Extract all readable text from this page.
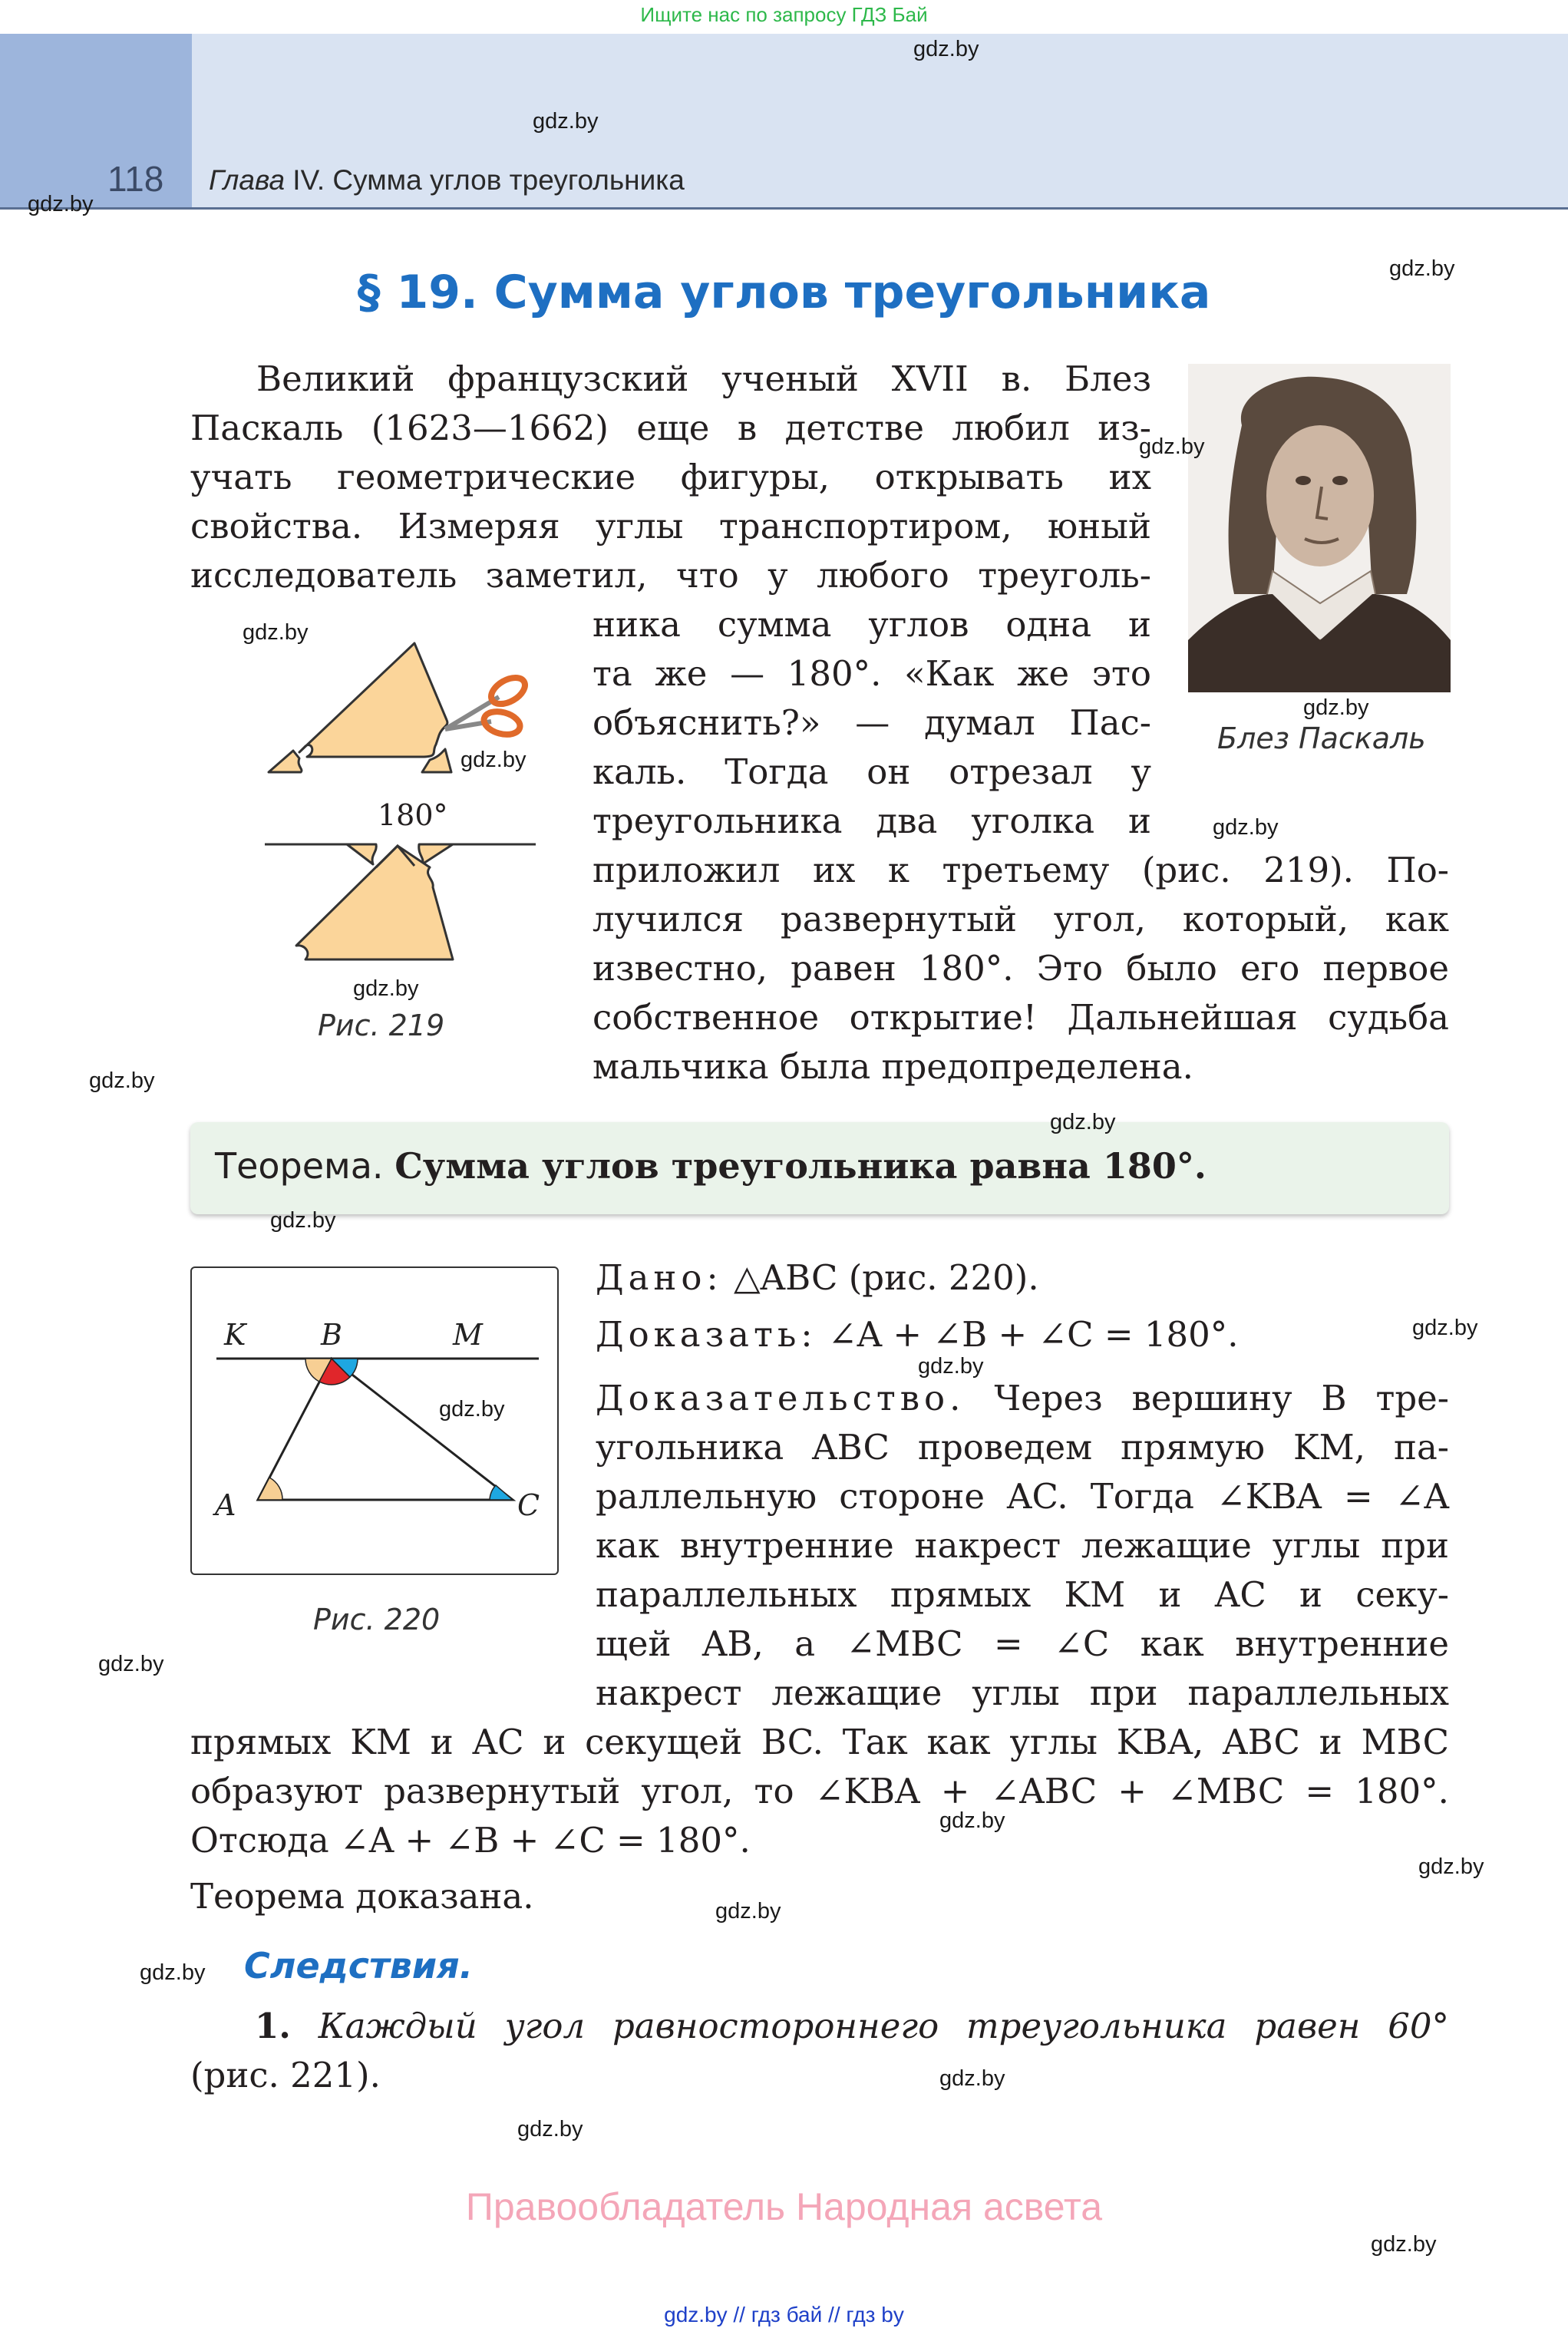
Ищите нас по запросу ГДЗ Бай
118 Глава IV. Сумма углов треугольника
§ 19. Сумма углов треугольника
Великий французский ученый XVII в. Блез
Паскаль (1623—1662) еще в детстве любил из-
учать геометрические фигуры, открывать их
свойства. Измеряя углы транспортиром, юный
исследователь заметил, что у любого треуголь-
ника сумма углов одна и
та же — 180°. «Как же это
объяснить?» — думал Пас-
каль. Тогда он отрезал у
треугольника два уголка и
приложил их к третьему (рис. 219). По-
лучился развернутый угол, который, как
известно, равен 180°. Это было его первое
собственное открытие! Дальнейшая судьба
мальчика была предопределена.
Блез Паскаль
180°
Рис. 219
Теорема. Сумма углов треугольника равна 180°.
K	B	M
A	C
Рис. 220
Дано: △ABC (рис. 220).
Доказать: ∠A + ∠B + ∠C = 180°.
Доказательство. Через вершину B тре-
угольника ABC проведем прямую KM, па-
раллельную стороне AC. Тогда ∠KBA = ∠A
как внутренние накрест лежащие углы при
параллельных прямых KM и AC и секу-
щей AB, а ∠MBC = ∠C как внутренние
накрест лежащие углы при параллельных
прямых KM и AC и секущей BC. Так как углы KBA, ABC и MBC
образуют развернутый угол, то ∠KBA + ∠ABC + ∠MBC = 180°.
Отсюда ∠A + ∠B + ∠C = 180°.
Теорема доказана.
Следствия.
1. Каждый угол равностороннего треугольника равен 60°
(рис. 221).
Правообладатель Народная асвета
gdz.by // гдз бай // гдз by
gdz.by
gdz.by
gdz.by
gdz.by
gdz.by
gdz.by
gdz.by
gdz.by
gdz.by
gdz.by
gdz.by
gdz.by
gdz.by
gdz.by
gdz.by
gdz.by
gdz.by
gdz.by
gdz.by
gdz.by
gdz.by
gdz.by
gdz.by
gdz.by
